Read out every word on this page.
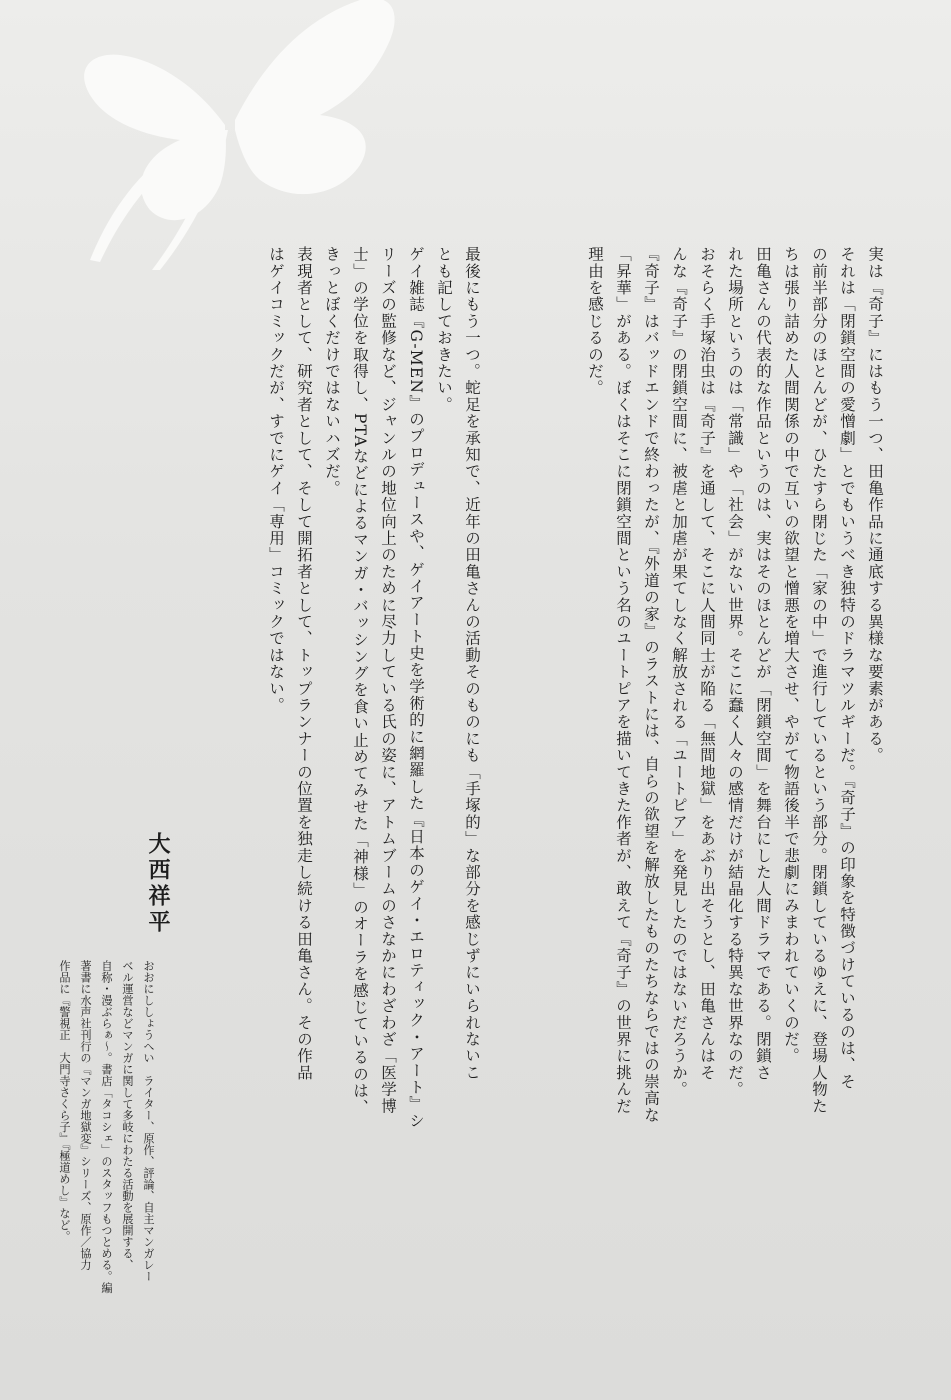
実は『奇子』にはもう一つ、田亀作品に通底する異様な要素がある。

それは「閉鎖空間の愛憎劇」とでもいうべき独特のドラマツルギーだ。『奇子』の印象を特徴づけているのは、そ

の前半部分のほとんどが、ひたすら閉じた「家の中」で進行しているという部分。閉鎖しているゆえに、登場人物た

ちは張り詰めた人間関係の中で互いの欲望と憎悪を増大させ、やがて物語後半で悲劇にみまわれていくのだ。

田亀さんの代表的な作品というのは、実はそのほとんどが「閉鎖空間」を舞台にした人間ドラマである。閉鎖さ

れた場所というのは「常識」や「社会」がない世界。そこに蠢く人々の感情だけが結晶化する特異な世界なのだ。

おそらく手塚治虫は『奇子』を通して、そこに人間同士が陥る「無間地獄」をあぶり出そうとし、田亀さんはそ

んな『奇子』の閉鎖空間に、被虐と加虐が果てしなく解放される「ユートピア」を発見したのではないだろうか。

『奇子』はバッドエンドで終わったが、『外道の家』のラストには、自らの欲望を解放したものたちならではの崇高な

「昇華」がある。ぼくはそこに閉鎖空間という名のユートピアを描いてきた作者が、敢えて『奇子』の世界に挑んだ

理由を感じるのだ。

最後にもう一つ。蛇足を承知で、近年の田亀さんの活動そのものにも「手塚的」な部分を感じずにいられないこ

とも記しておきたい。

ゲイ雑誌『G-MEN』のプロデュースや、ゲイアート史を学術的に網羅した『日本のゲイ・エロティック・アート』シ

リーズの監修など、ジャンルの地位向上のために尽力している氏の姿に、アトムブームのさなかにわざわざ「医学博

士」の学位を取得し、PTAなどによるマンガ・バッシングを食い止めてみせた「神様」のオーラを感じているのは、

きっとぼくだけではないハズだ。

表現者として、研究者として、そして開拓者として、トップランナーの位置を独走し続ける田亀さん。その作品

はゲイコミックだが、すでにゲイ「専用」コミックではない。

大西祥平

おおにししょうへい　ライター、原作、評論、自主マンガレー

ベル運営などマンガに関して多岐にわたる活動を展開する、

自称・漫ぶらぁ～。書店「タコシェ」のスタッフもつとめる。編

著書に水声社刊行の『マンガ地獄変』シリーズ、原作／協力

作品に『警視正　大門寺さくら子』『極道めし』など。
